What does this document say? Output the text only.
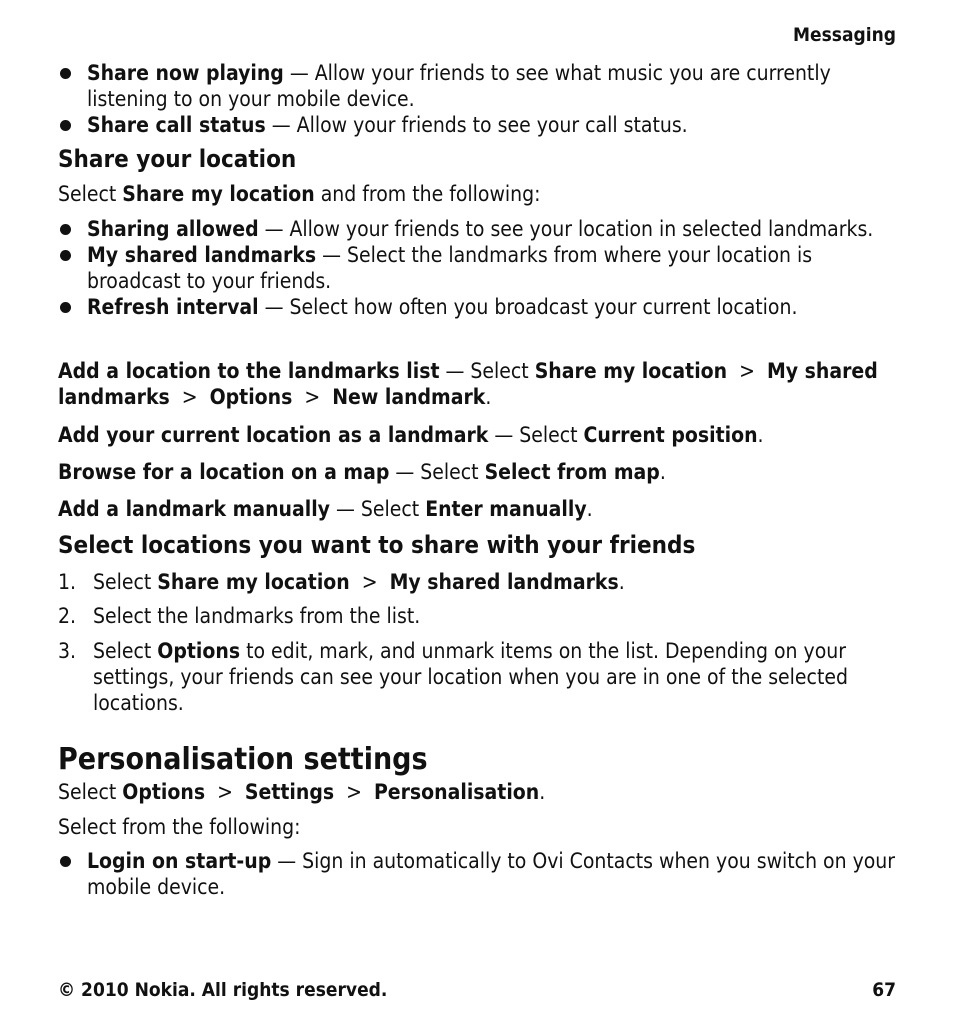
Messaging
Share now playing — Allow your friends to see what music you are currently listening to on your mobile device.
Share call status — Allow your friends to see your call status.
Share your location
Select Share my location and from the following:
Sharing allowed — Allow your friends to see your location in selected landmarks.
My shared landmarks — Select the landmarks from where your location is broadcast to your friends.
Refresh interval — Select how often you broadcast your current location.
Add a location to the landmarks list — Select Share my location  >  My shared landmarks  >  Options  >  New landmark.
Add your current location as a landmark — Select Current position.
Browse for a location on a map — Select Select from map.
Add a landmark manually — Select Enter manually.
Select locations you want to share with your friends
1. Select Share my location  >  My shared landmarks.
2. Select the landmarks from the list.
3. Select Options to edit, mark, and unmark items on the list. Depending on your settings, your friends can see your location when you are in one of the selected locations.
Personalisation settings
Select Options  >  Settings  >  Personalisation.
Select from the following:
Login on start-up — Sign in automatically to Ovi Contacts when you switch on your mobile device.
© 2010 Nokia. All rights reserved.	67
